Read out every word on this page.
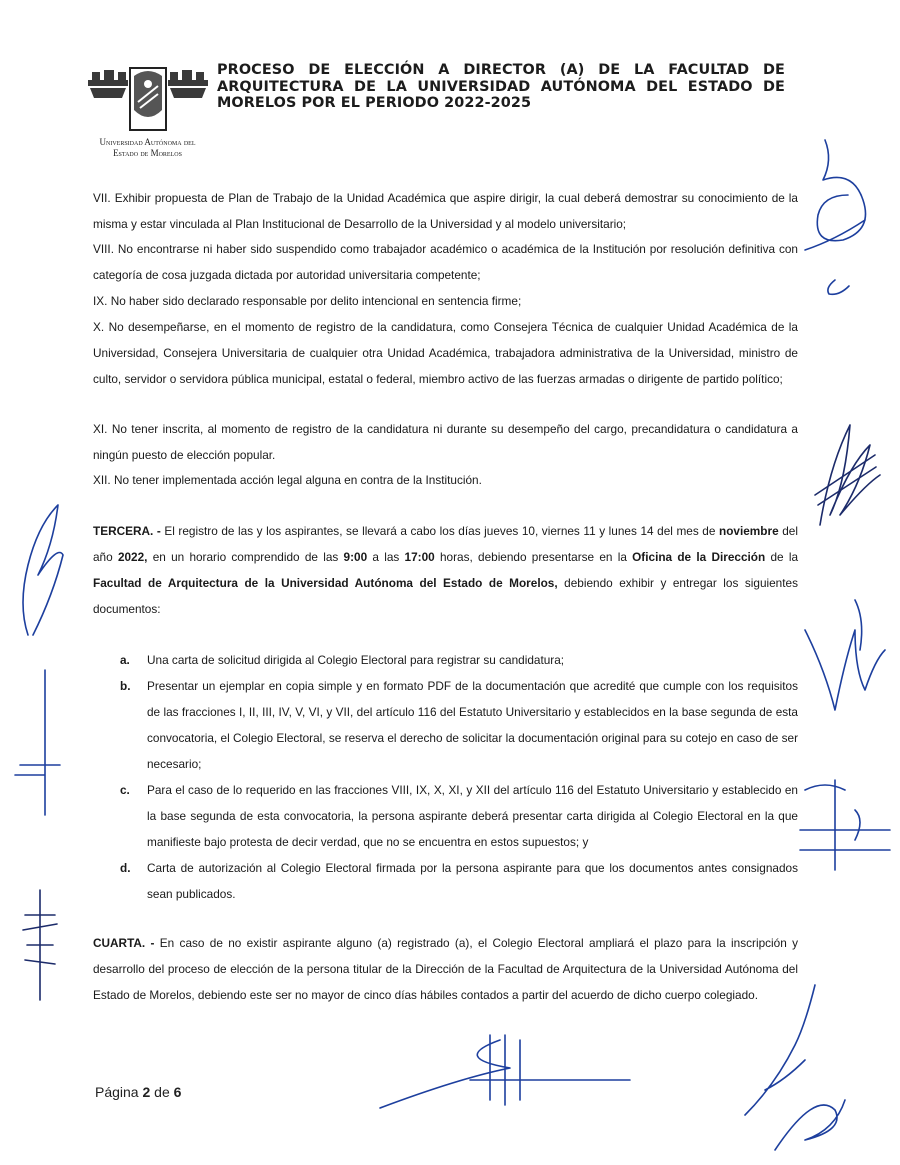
Universidad Autónoma del
Estado de Morelos
PROCESO DE ELECCIÓN A DIRECTOR (A) DE LA FACULTAD DE ARQUITECTURA DE LA UNIVERSIDAD AUTÓNOMA DEL ESTADO DE MORELOS POR EL PERIODO 2022-2025

VII. Exhibir propuesta de Plan de Trabajo de la Unidad Académica que aspire dirigir, la cual deberá demostrar su conocimiento de la misma y estar vinculada al Plan Institucional de Desarrollo de la Universidad y al modelo universitario;

VIII. No encontrarse ni haber sido suspendido como trabajador académico o académica de la Institución por resolución definitiva con categoría de cosa juzgada dictada por autoridad universitaria competente;

IX. No haber sido declarado responsable por delito intencional en sentencia firme;

X. No desempeñarse, en el momento de registro de la candidatura, como Consejera Técnica de cualquier Unidad Académica de la Universidad, Consejera Universitaria de cualquier otra Unidad Académica, trabajadora administrativa de la Universidad, ministro de culto, servidor o servidora pública municipal, estatal o federal, miembro activo de las fuerzas armadas o dirigente de partido político;

XI. No tener inscrita, al momento de registro de la candidatura ni durante su desempeño del cargo, precandidatura o candidatura a ningún puesto de elección popular.

XII. No tener implementada acción legal alguna en contra de la Institución.

TERCERA. - El registro de las y los aspirantes, se llevará a cabo los días jueves 10, viernes 11 y lunes 14 del mes de noviembre del año 2022, en un horario comprendido de las 9:00 a las 17:00 horas, debiendo presentarse en la Oficina de la Dirección de la Facultad de Arquitectura de la Universidad Autónoma del Estado de Morelos, debiendo exhibir y entregar los siguientes documentos:

a. Una carta de solicitud dirigida al Colegio Electoral para registrar su candidatura;
b. Presentar un ejemplar en copia simple y en formato PDF de la documentación que acredité que cumple con los requisitos de las fracciones I, II, III, IV, V, VI, y VII, del artículo 116 del Estatuto Universitario y establecidos en la base segunda de esta convocatoria, el Colegio Electoral, se reserva el derecho de solicitar la documentación original para su cotejo en caso de ser necesario;
c. Para el caso de lo requerido en las fracciones VIII, IX, X, XI, y XII del artículo 116 del Estatuto Universitario y establecido en la base segunda de esta convocatoria, la persona aspirante deberá presentar carta dirigida al Colegio Electoral en la que manifieste bajo protesta de decir verdad, que no se encuentra en estos supuestos; y
d. Carta de autorización al Colegio Electoral firmada por la persona aspirante para que los documentos antes consignados sean publicados.

CUARTA. - En caso de no existir aspirante alguno (a) registrado (a), el Colegio Electoral ampliará el plazo para la inscripción y desarrollo del proceso de elección de la persona titular de la Dirección de la Facultad de Arquitectura de la Universidad Autónoma del Estado de Morelos, debiendo este ser no mayor de cinco días hábiles contados a partir del acuerdo de dicho cuerpo colegiado.

Página 2 de 6
